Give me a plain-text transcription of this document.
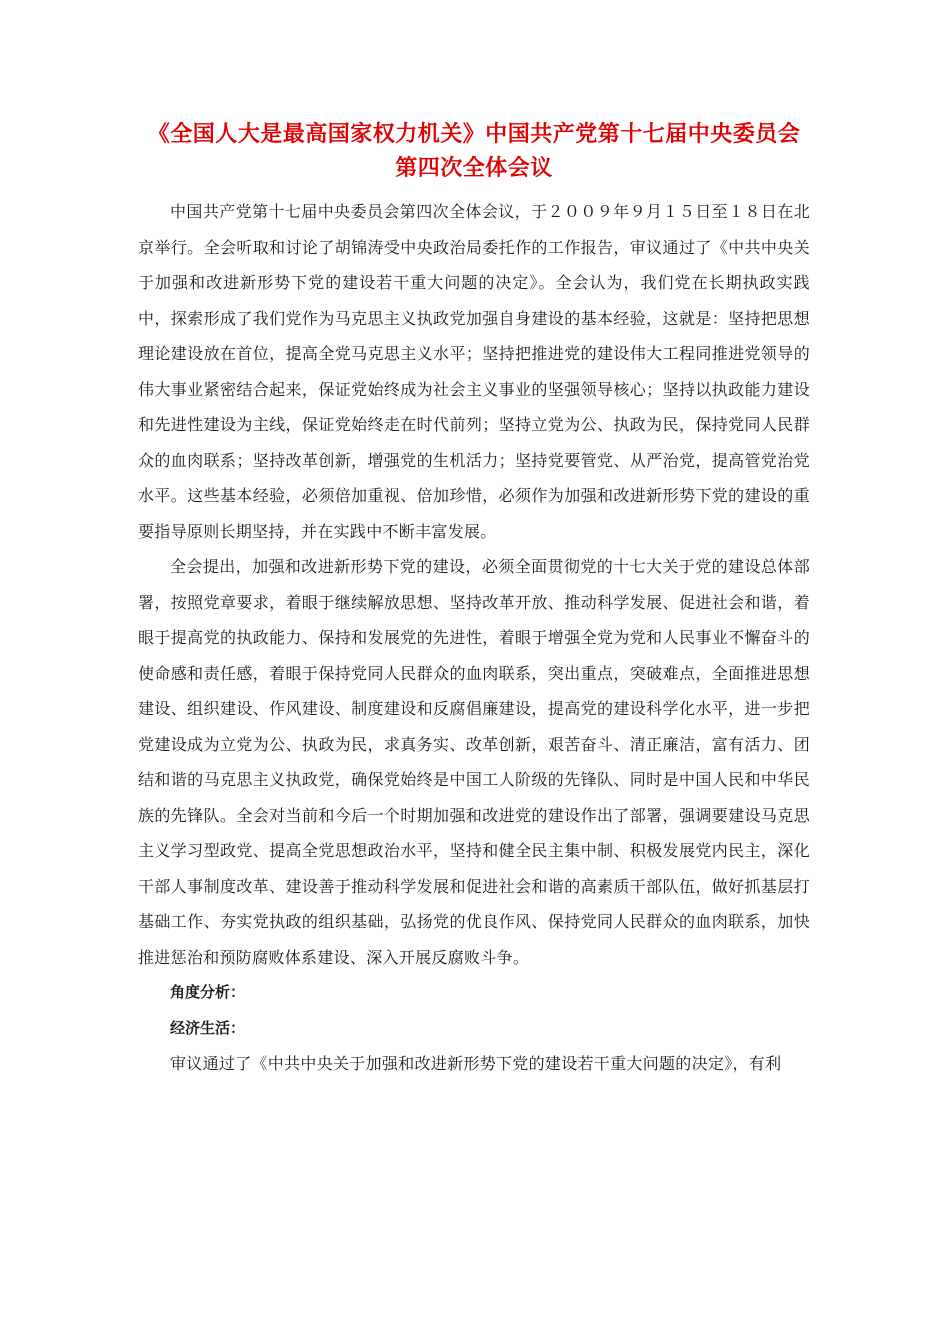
《全国人大是最高国家权力机关》中国共产党第十七届中央委员会第四次全体会议

中国共产党第十七届中央委员会第四次全体会议，于２００９年９月１５日至１８日在北京举行。全会听取和讨论了胡锦涛受中央政治局委托作的工作报告，审议通过了《中共中央关于加强和改进新形势下党的建设若干重大问题的决定》。全会认为，我们党在长期执政实践中，探索形成了我们党作为马克思主义执政党加强自身建设的基本经验，这就是：坚持把思想理论建设放在首位，提高全党马克思主义水平；坚持把推进党的建设伟大工程同推进党领导的伟大事业紧密结合起来，保证党始终成为社会主义事业的坚强领导核心；坚持以执政能力建设和先进性建设为主线，保证党始终走在时代前列；坚持立党为公、执政为民，保持党同人民群众的血肉联系；坚持改革创新，增强党的生机活力；坚持党要管党、从严治党，提高管党治党水平。这些基本经验，必须倍加重视、倍加珍惜，必须作为加强和改进新形势下党的建设的重要指导原则长期坚持，并在实践中不断丰富发展。

全会提出，加强和改进新形势下党的建设，必须全面贯彻党的十七大关于党的建设总体部署，按照党章要求，着眼于继续解放思想、坚持改革开放、推动科学发展、促进社会和谐，着眼于提高党的执政能力、保持和发展党的先进性，着眼于增强全党为党和人民事业不懈奋斗的使命感和责任感，着眼于保持党同人民群众的血肉联系，突出重点，突破难点，全面推进思想建设、组织建设、作风建设、制度建设和反腐倡廉建设，提高党的建设科学化水平，进一步把党建设成为立党为公、执政为民，求真务实、改革创新，艰苦奋斗、清正廉洁，富有活力、团结和谐的马克思主义执政党，确保党始终是中国工人阶级的先锋队、同时是中国人民和中华民族的先锋队。全会对当前和今后一个时期加强和改进党的建设作出了部署，强调要建设马克思主义学习型政党、提高全党思想政治水平，坚持和健全民主集中制、积极发展党内民主，深化干部人事制度改革、建设善于推动科学发展和促进社会和谐的高素质干部队伍，做好抓基层打基础工作、夯实党执政的组织基础，弘扬党的优良作风、保持党同人民群众的血肉联系，加快推进惩治和预防腐败体系建设、深入开展反腐败斗争。

角度分析：

经济生活：

审议通过了《中共中央关于加强和改进新形势下党的建设若干重大问题的决定》，有利
